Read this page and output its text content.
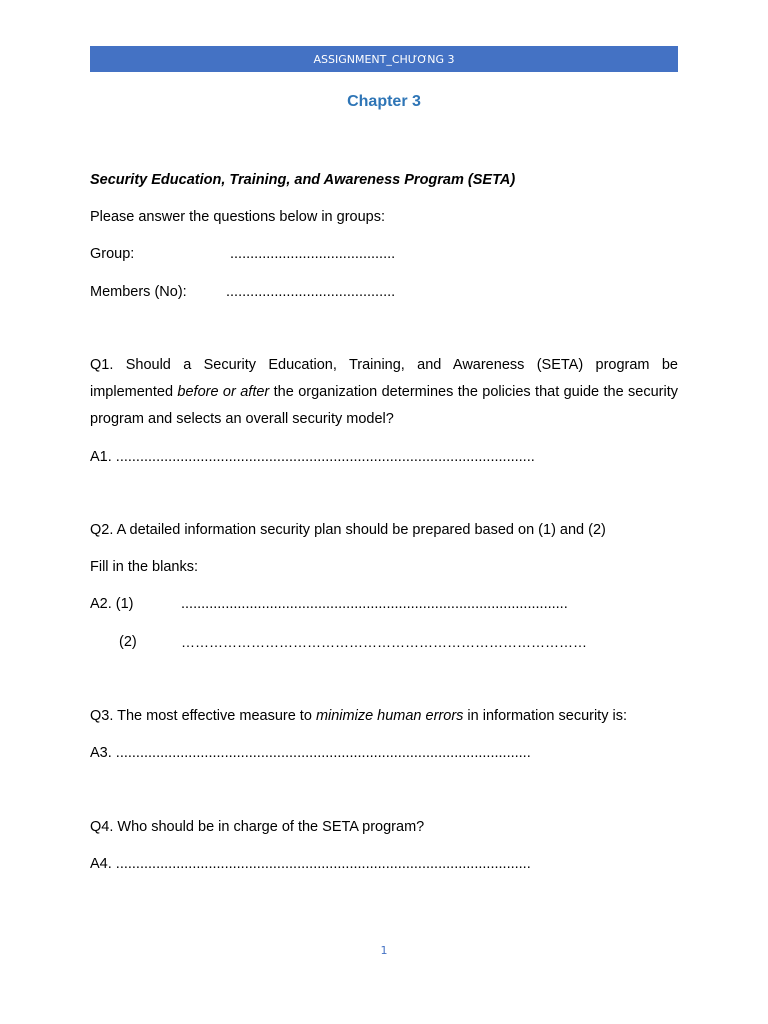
ASSIGNMENT_CHƯƠNG 3
Chapter 3
Security Education, Training, and Awareness Program (SETA)
Please answer the questions below in groups:
Group:	.........................................
Members (No):	..........................................
Q1. Should a Security Education, Training, and Awareness (SETA) program be implemented before or after the organization determines the policies that guide the security program and selects an overall security model?
A1. ........................................................................................................
Q2. A detailed information security plan should be prepared based on (1) and (2)
Fill in the blanks:
A2. (1)	................................................................................................
(2)	……………………………………………………………………………
Q3. The most effective measure to minimize human errors in information security is:
A3. .......................................................................................................
Q4. Who should be in charge of the SETA program?
A4. .......................................................................................................
1
